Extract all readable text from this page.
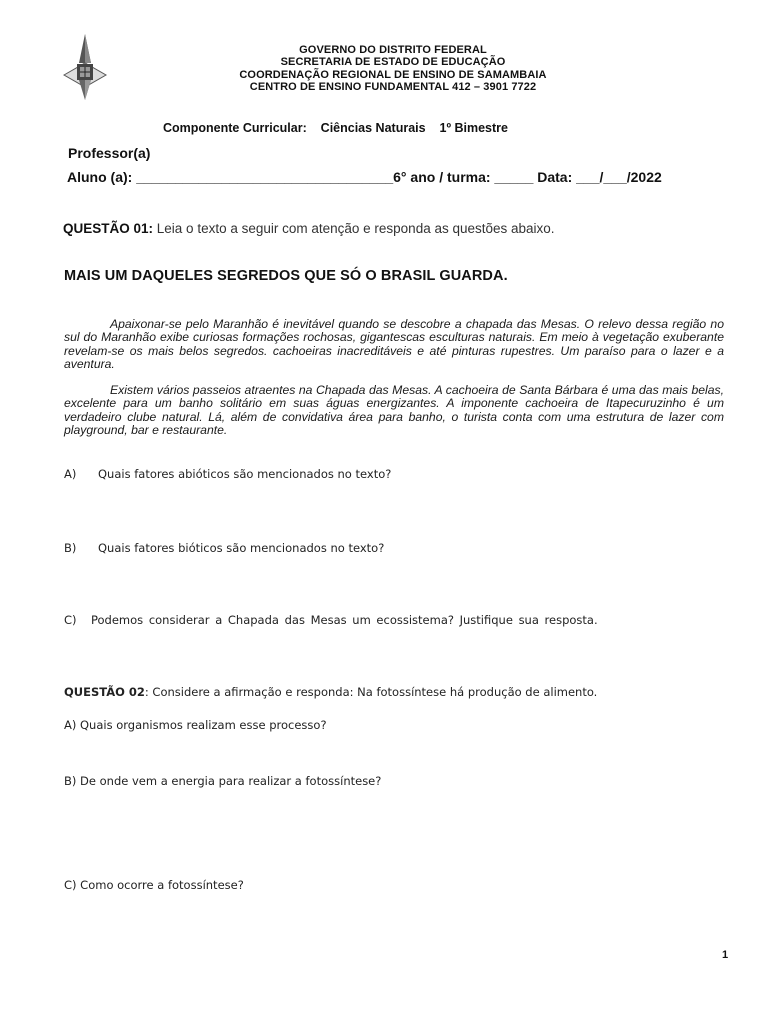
GOVERNO DO DISTRITO FEDERAL
SECRETARIA DE ESTADO DE EDUCAÇÃO
COORDENAÇÃO REGIONAL DE ENSINO DE SAMAMBAIA
CENTRO DE ENSINO FUNDAMENTAL 412 – 3901 7722
Componente Curricular: Ciências Naturais 1º Bimestre
Professor(a)
Aluno (a): _________________________________6° ano / turma: _____ Data: ___/___/2022
QUESTÃO 01: Leia o texto a seguir com atenção e responda as questões abaixo.
MAIS UM DAQUELES SEGREDOS QUE SÓ O BRASIL GUARDA.
Apaixonar-se pelo Maranhão é inevitável quando se descobre a chapada das Mesas. O relevo dessa região no sul do Maranhão exibe curiosas formações rochosas, gigantescas esculturas naturais. Em meio à vegetação exuberante revelam-se os mais belos segredos. cachoeiras inacreditáveis e até pinturas rupestres. Um paraíso para o lazer e a aventura.
Existem vários passeios atraentes na Chapada das Mesas. A cachoeira de Santa Bárbara é uma das mais belas, excelente para um banho solitário em suas águas energizantes. A imponente cachoeira de Itapecuruzinho é um verdadeiro clube natural. Lá, além de convidativa área para banho, o turista conta com uma estrutura de lazer com playground, bar e restaurante.
A) Quais fatores abióticos são mencionados no texto?
B) Quais fatores bióticos são mencionados no texto?
C) Podemos considerar a Chapada das Mesas um ecossistema? Justifique sua resposta.
QUESTÃO 02: Considere a afirmação e responda: Na fotossíntese há produção de alimento.
A) Quais organismos realizam esse processo?
B) De onde vem a energia para realizar a fotossíntese?
C) Como ocorre a fotossíntese?
1
